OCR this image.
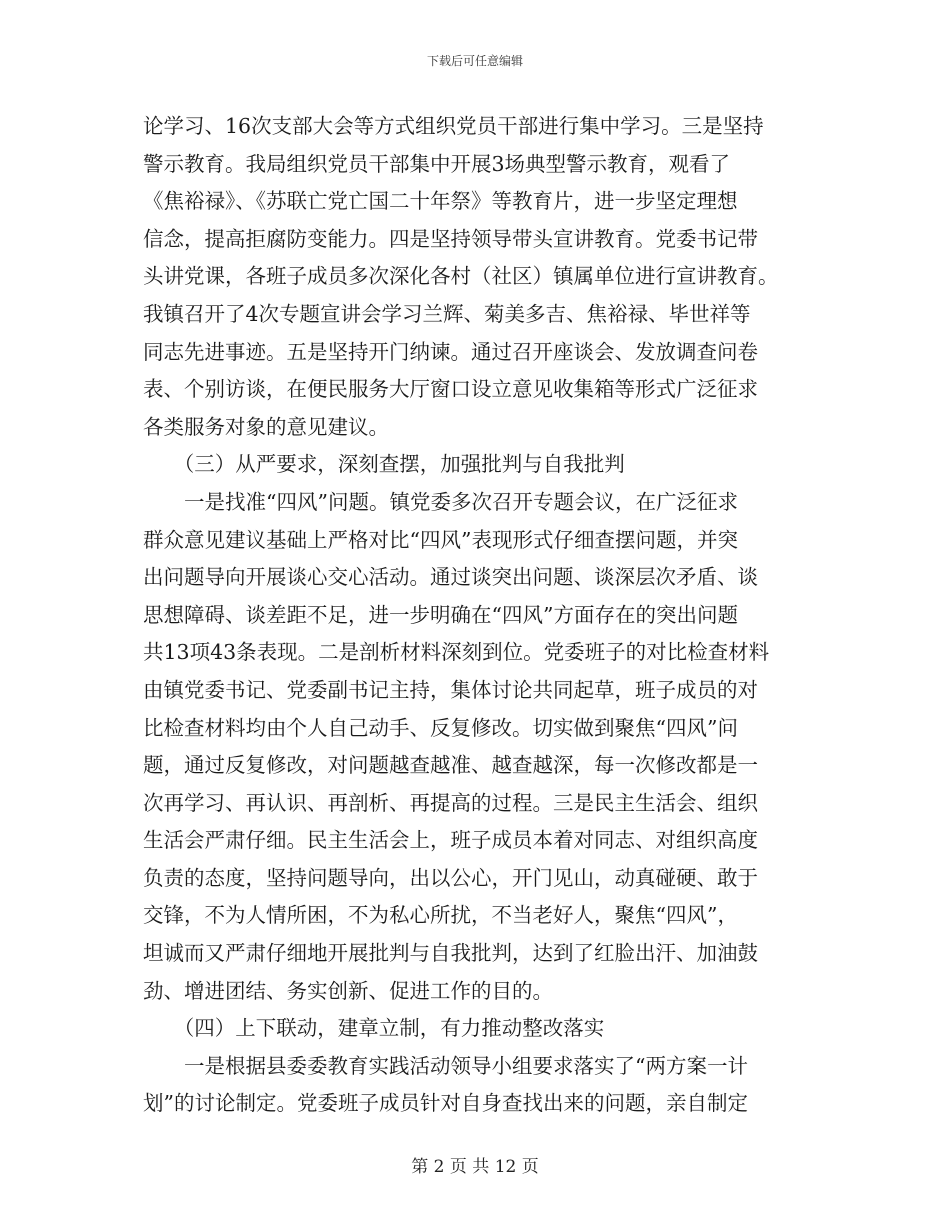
下载后可任意编辑
论学习、16次支部大会等方式组织党员干部进行集中学习。三是坚持
警示教育。我局组织党员干部集中开展3场典型警示教育，观看了
《焦裕禄》、《苏联亡党亡国二十年祭》等教育片，进一步坚定理想
信念，提高拒腐防变能力。四是坚持领导带头宣讲教育。党委书记带
头讲党课，各班子成员多次深化各村（社区）镇属单位进行宣讲教育。
我镇召开了4次专题宣讲会学习兰辉、菊美多吉、焦裕禄、毕世祥等
同志先进事迹。五是坚持开门纳谏。通过召开座谈会、发放调查问卷
表、个别访谈，在便民服务大厅窗口设立意见收集箱等形式广泛征求
各类服务对象的意见建议。
　　（三）从严要求，深刻查摆，加强批判与自我批判
　　一是找准“四风”问题。镇党委多次召开专题会议，在广泛征求
群众意见建议基础上严格对比“四风”表现形式仔细查摆问题，并突
出问题导向开展谈心交心活动。通过谈突出问题、谈深层次矛盾、谈
思想障碍、谈差距不足，进一步明确在“四风”方面存在的突出问题
共13项43条表现。二是剖析材料深刻到位。党委班子的对比检查材料
由镇党委书记、党委副书记主持，集体讨论共同起草，班子成员的对
比检查材料均由个人自己动手、反复修改。切实做到聚焦“四风”问
题，通过反复修改，对问题越查越准、越查越深，每一次修改都是一
次再学习、再认识、再剖析、再提高的过程。三是民主生活会、组织
生活会严肃仔细。民主生活会上，班子成员本着对同志、对组织高度
负责的态度，坚持问题导向，出以公心，开门见山，动真碰硬、敢于
交锋，不为人情所困，不为私心所扰，不当老好人，聚焦“四风”，
坦诚而又严肃仔细地开展批判与自我批判，达到了红脸出汗、加油鼓
劲、增进团结、务实创新、促进工作的目的。
　　（四）上下联动，建章立制，有力推动整改落实
　　一是根据县委委教育实践活动领导小组要求落实了“两方案一计
划”的讨论制定。党委班子成员针对自身查找出来的问题，亲自制定
第 2 页 共 12 页
